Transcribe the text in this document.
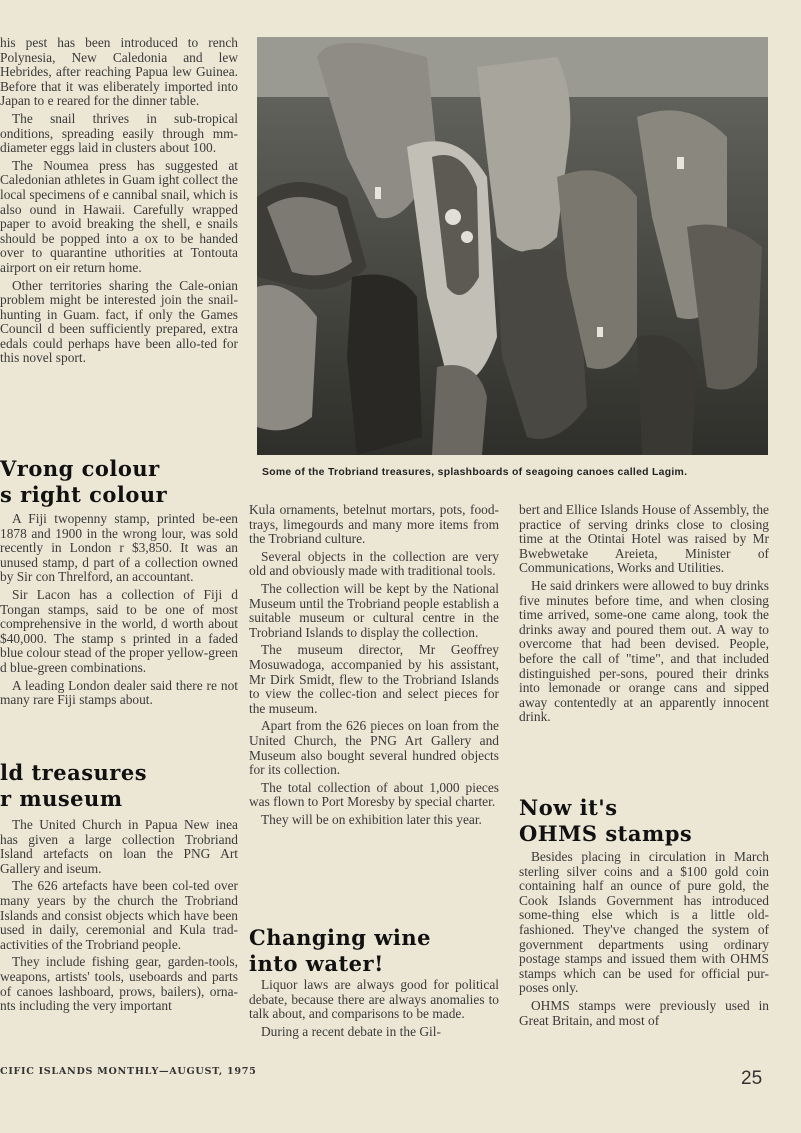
his pest has been introduced to rench Polynesia, New Caledonia and lew Hebrides, after reaching Papua lew Guinea. Before that it was eliberately imported into Japan to e reared for the dinner table.

The snail thrives in sub-tropical onditions, spreading easily through mm-diameter eggs laid in clusters about 100.

The Noumea press has suggested at Caledonian athletes in Guam ight collect the local specimens of e cannibal snail, which is also ound in Hawaii. Carefully wrapped paper to avoid breaking the shell, e snails should be popped into a ox to be handed over to quarantine uthorities at Tontouta airport on eir return home.

Other territories sharing the Cale-onian problem might be interested join the snail-hunting in Guam. fact, if only the Games Council d been sufficiently prepared, extra edals could perhaps have been allo-ted for this novel sport.

Vrong colour
s right colour

A Fiji twopenny stamp, printed be-een 1878 and 1900 in the wrong lour, was sold recently in London r $3,850. It was an unused stamp, d part of a collection owned by Sir con Threlford, an accountant.

Sir Lacon has a collection of Fiji d Tongan stamps, said to be one of most comprehensive in the world, d worth about $40,000. The stamp s printed in a faded blue colour stead of the proper yellow-green d blue-green combinations.

A leading London dealer said there re not many rare Fiji stamps about.

ld treasures
r museum

The United Church in Papua New inea has given a large collection Trobriand Island artefacts on loan the PNG Art Gallery and iseum.

The 626 artefacts have been col-ted over many years by the church the Trobriand Islands and consist objects which have been used in daily, ceremonial and Kula trad-activities of the Trobriand people.

They include fishing gear, garden-tools, weapons, artists' tools, useboards and parts of canoes lashboard, prows, bailers), orna-nts including the very important

Some of the Trobriand treasures, splashboards of seagoing canoes called Lagim.

Kula ornaments, betelnut mortars, pots, food-trays, limegourds and many more items from the Trobriand culture.

Several objects in the collection are very old and obviously made with traditional tools.

The collection will be kept by the National Museum until the Trobriand people establish a suitable museum or cultural centre in the Trobriand Islands to display the collection.

The museum director, Mr Geoffrey Mosuwadoga, accompanied by his assistant, Mr Dirk Smidt, flew to the Trobriand Islands to view the collec-tion and select pieces for the museum.

Apart from the 626 pieces on loan from the United Church, the PNG Art Gallery and Museum also bought several hundred objects for its collection.

The total collection of about 1,000 pieces was flown to Port Moresby by special charter.

They will be on exhibition later this year.

Changing wine
into water!

Liquor laws are always good for political debate, because there are always anomalies to talk about, and comparisons to be made.

During a recent debate in the Gil-

bert and Ellice Islands House of Assembly, the practice of serving drinks close to closing time at the Otintai Hotel was raised by Mr Bwebwetake Areieta, Minister of Communications, Works and Utilities.

He said drinkers were allowed to buy drinks five minutes before time, and when closing time arrived, some-one came along, took the drinks away and poured them out. A way to overcome that had been devised. People, before the call of "time", and that included distinguished per-sons, poured their drinks into lemonade or orange cans and sipped away contentedly at an apparently innocent drink.

Now it's
OHMS stamps

Besides placing in circulation in March sterling silver coins and a $100 gold coin containing half an ounce of pure gold, the Cook Islands Government has introduced some-thing else which is a little old-fashioned. They've changed the system of government departments using ordinary postage stamps and issued them with OHMS stamps which can be used for official pur-poses only.

OHMS stamps were previously used in Great Britain, and most of

CIFIC ISLANDS MONTHLY—AUGUST, 1975	25
